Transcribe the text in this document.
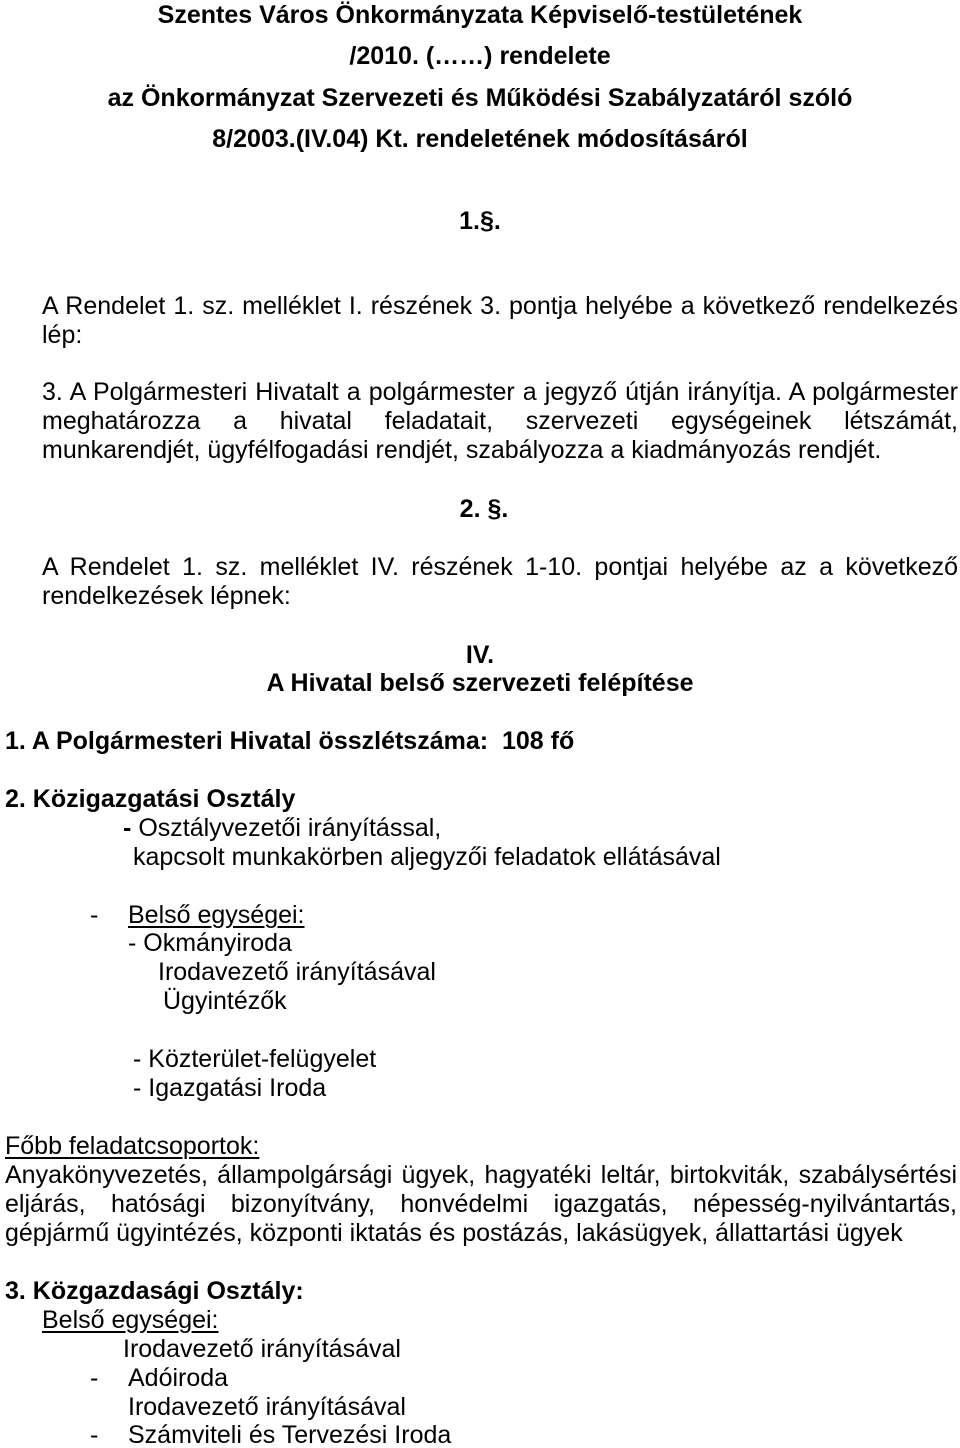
Szentes Város Önkormányzata Képviselő-testületének
/2010. (……) rendelete
az Önkormányzat Szervezeti és Működési Szabályzatáról szóló
8/2003.(IV.04) Kt. rendeletének módosításáról
1.§.
A Rendelet 1. sz. melléklet I. részének 3. pontja helyébe a következő rendelkezés
lép:
3. A Polgármesteri Hivatalt a polgármester a jegyző útján irányítja. A polgármester
meghatározza a hivatal feladatait, szervezeti egységeinek létszámát,
munkarendjét, ügyfélfogadási rendjét, szabályozza a kiadmányozás rendjét.
2. §.
A Rendelet 1. sz. melléklet IV. részének 1-10. pontjai helyébe az a következő
rendelkezések lépnek:
IV.
A Hivatal belső szervezeti felépítése
1. A Polgármesteri Hivatal összlétszáma:  108 fő
2. Közigazgatási Osztály
- Osztályvezetői irányítással,
kapcsolt munkakörben aljegyzői feladatok ellátásával
- Belső egységei:
- Okmányiroda
Irodavezető irányításával
Ügyintézők
- Közterület-felügyelet
- Igazgatási Iroda
Főbb feladatcsoportok:
Anyakönyvezetés, állampolgársági ügyek, hagyatéki leltár, birtokviták, szabálysértési
eljárás, hatósági bizonyítvány, honvédelmi igazgatás, népesség-nyilvántartás,
gépjármű ügyintézés, központi iktatás és postázás, lakásügyek, állattartási ügyek
3. Közgazdasági Osztály:
Belső egységei:
Irodavezető irányításával
- Adóiroda
Irodavezető irányításával
- Számviteli és Tervezési Iroda
